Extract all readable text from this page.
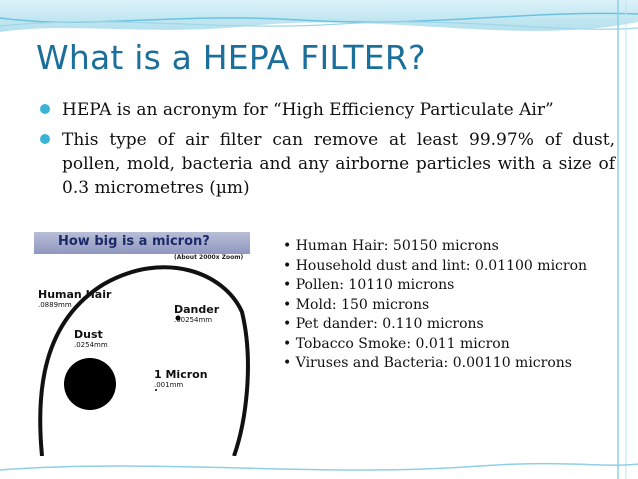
What is a HEPA FILTER?
HEPA is an acronym for “High Efficiency Particulate Air”
This type of air filter can remove at least 99.97% of dust, pollen, mold, bacteria and any airborne particles with a size of 0.3 micrometres (µm)
How big is a micron?
(About 2000x Zoom)
Human Hair
.0889mm	Dander
.00254mm
Dust
.0254mm
1 Micron
.001mm
• Human Hair: 50150 microns
• Household dust and lint: 0.01100 micron
• Pollen: 10110 microns
• Mold: 150 microns
• Pet dander: 0.110 microns
• Tobacco Smoke: 0.011 micron
• Viruses and Bacteria: 0.00110 microns
